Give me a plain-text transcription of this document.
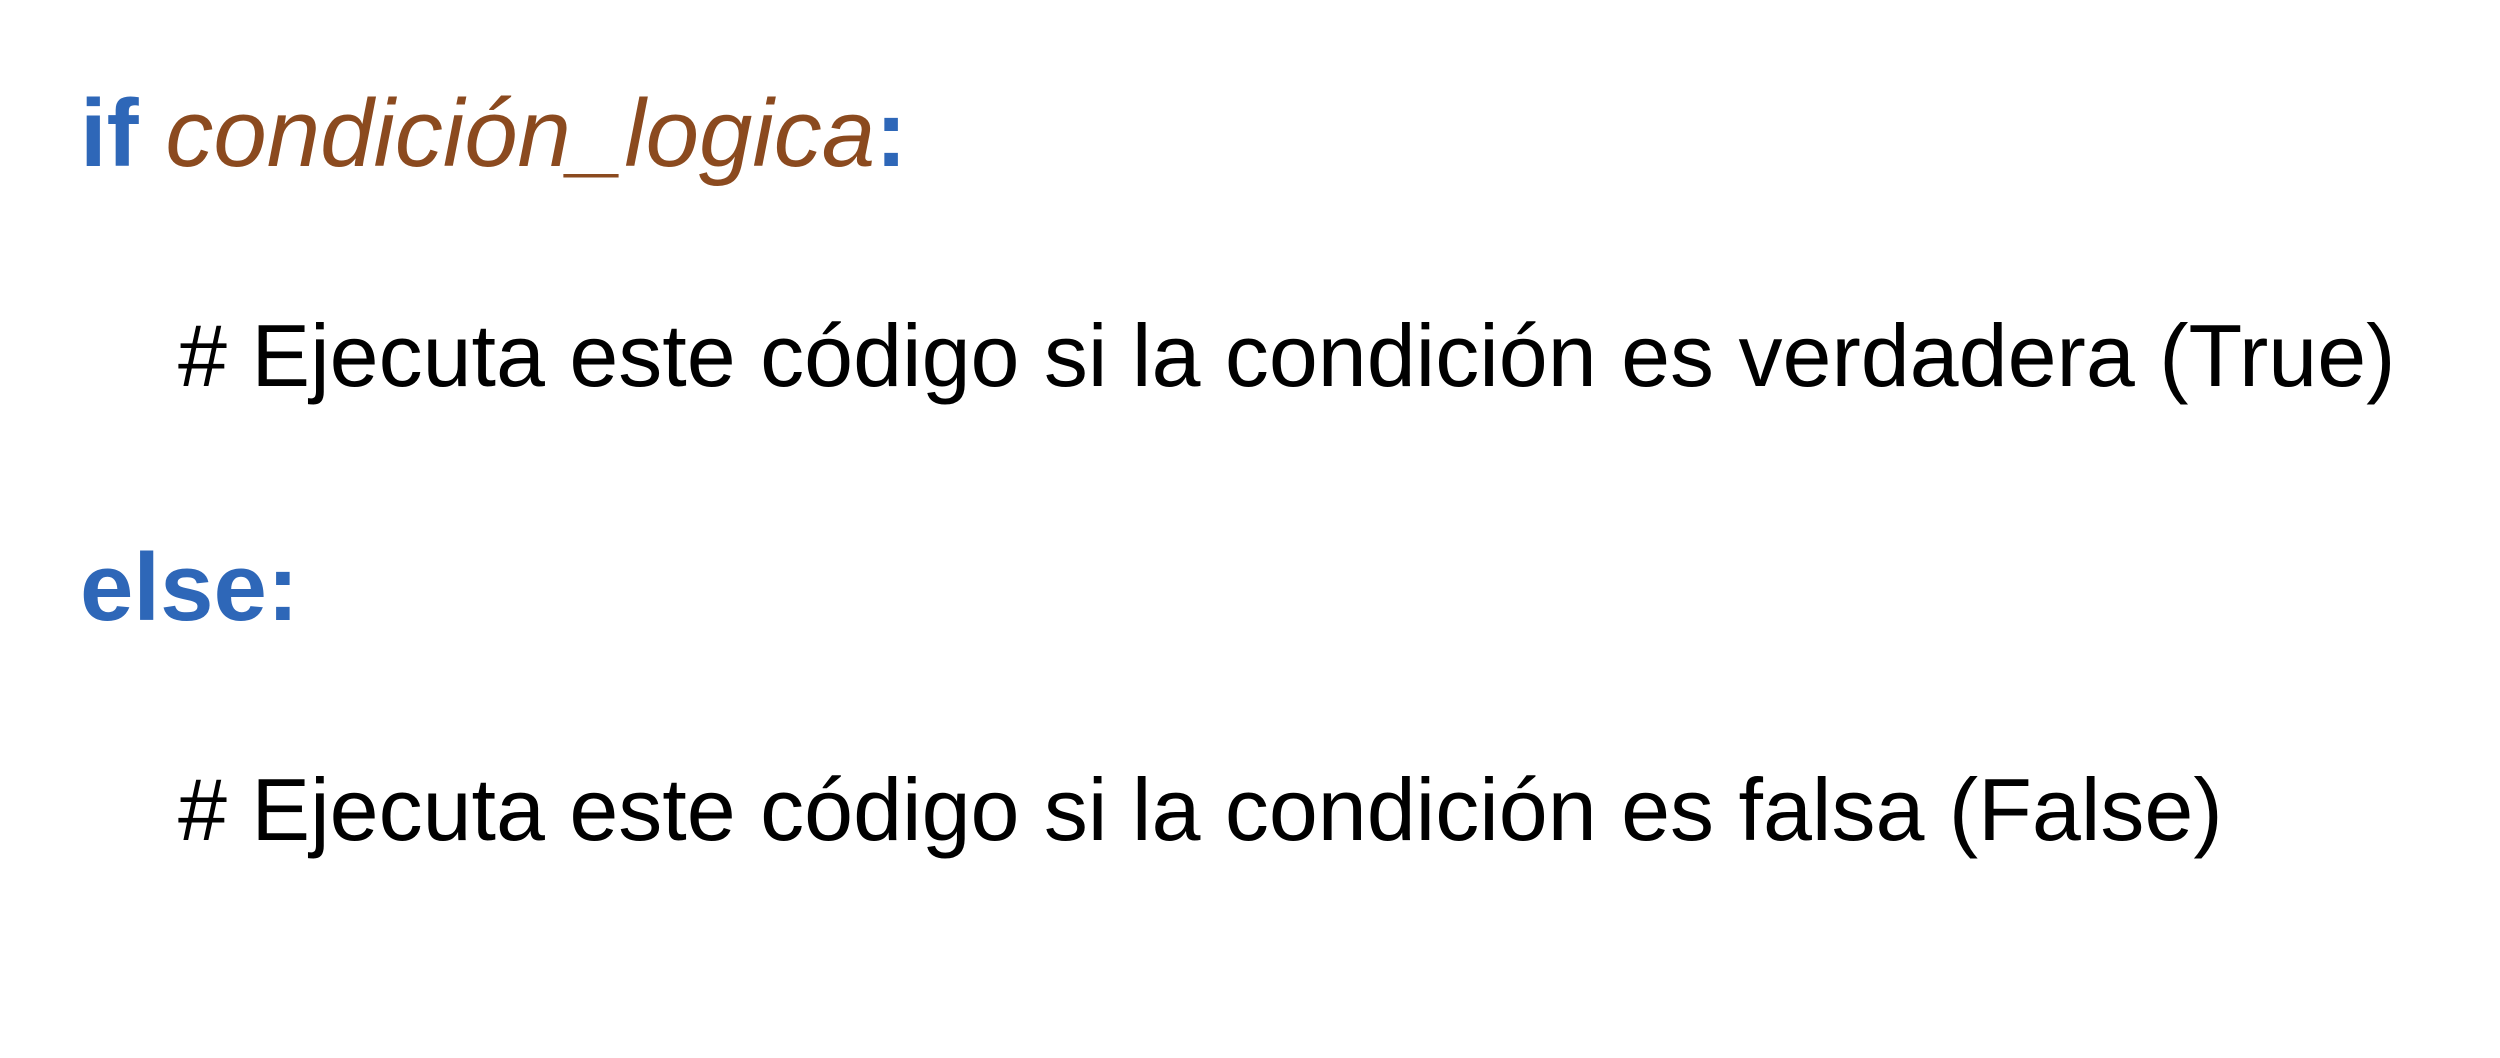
if condición_logica:
# Ejecuta este código si la condición es verdadera (True)
else:
# Ejecuta este código si la condición es falsa (False)
